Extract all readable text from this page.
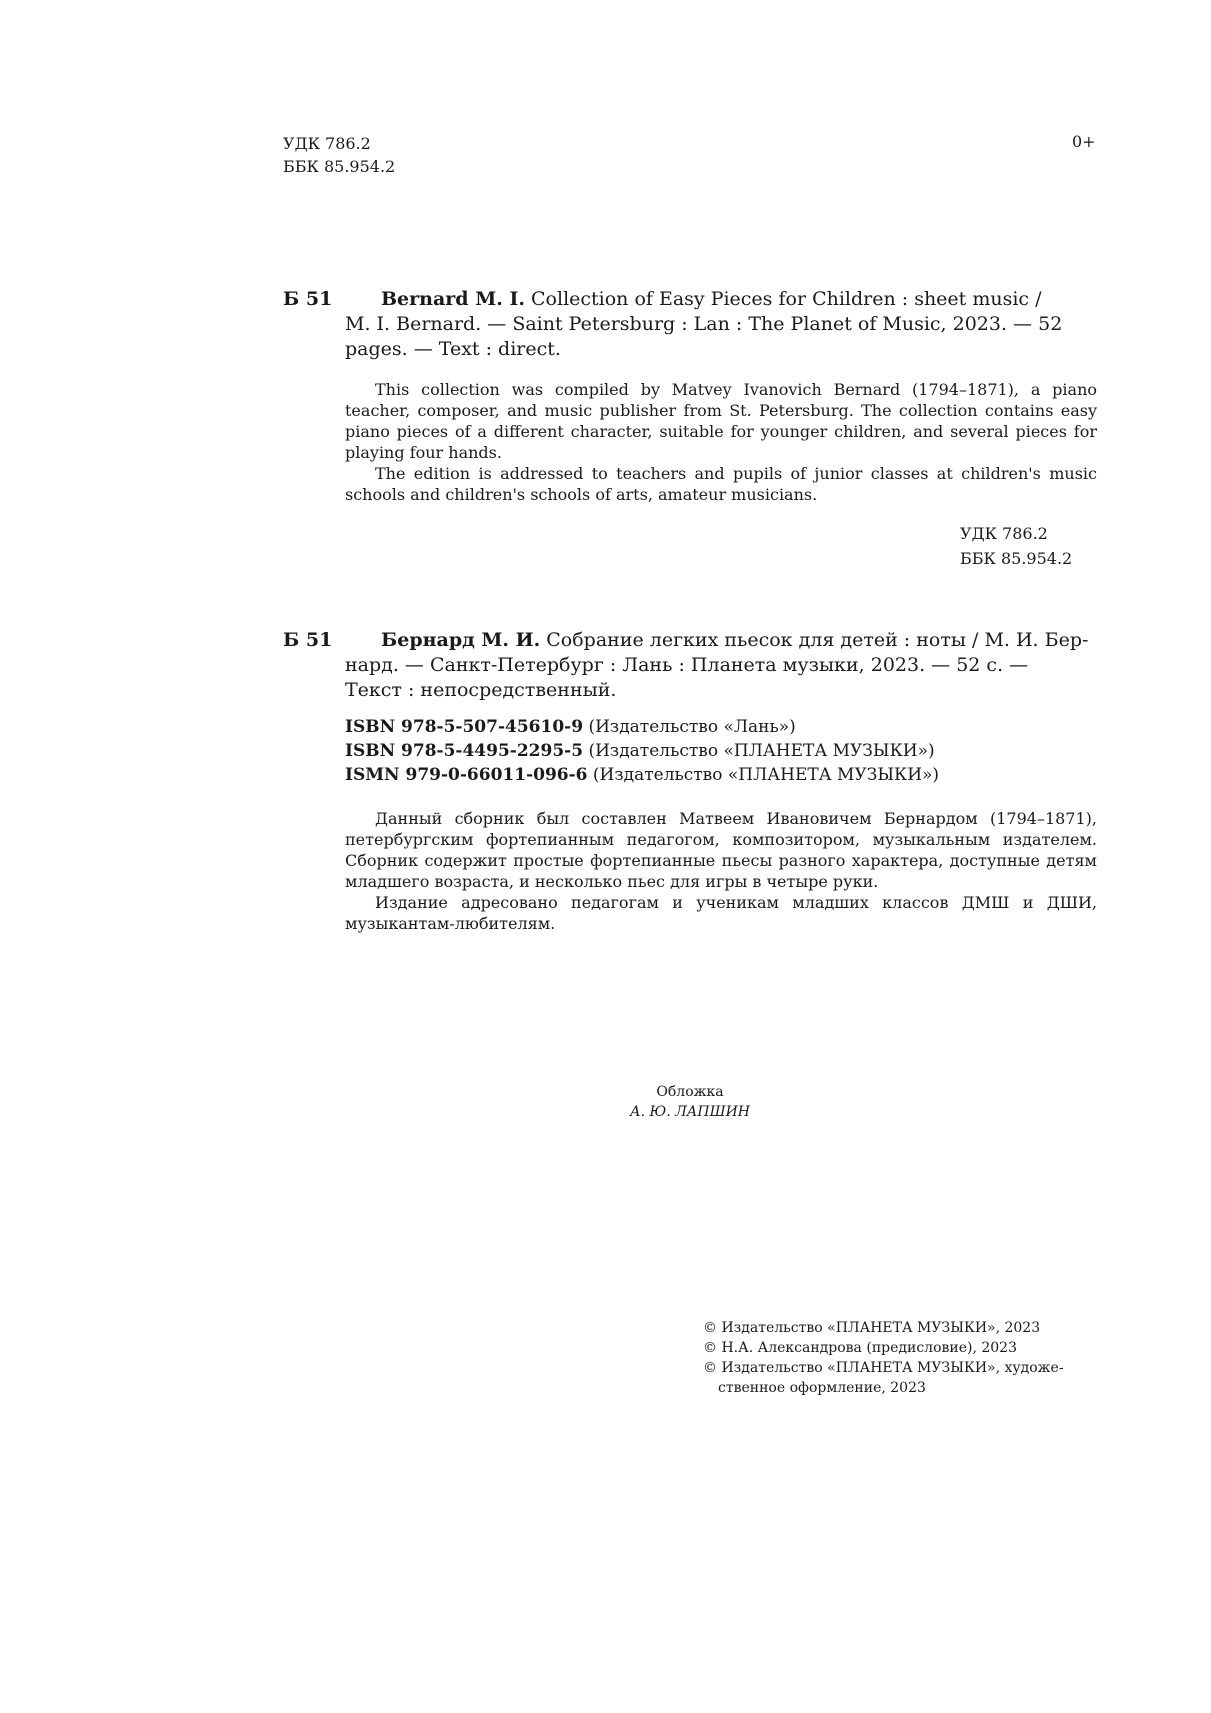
УДК 786.2
ББК 85.954.2
0+
Б 51	Bernard M. I. Collection of Easy Pieces for Children : sheet music /
M. I. Bernard. — Saint Petersburg : Lan : The Planet of Music, 2023. — 52
pages. — Text : direct.

This collection was compiled by Matvey Ivanovich Bernard (1794–1871), a piano teacher, composer, and music publisher from St. Petersburg. The collection contains easy piano pieces of a different character, suitable for younger children, and several pieces for playing four hands.

The edition is addressed to teachers and pupils of junior classes at children's music schools and children's schools of arts, amateur musicians.

УДК 786.2
ББК 85.954.2
Б 51	Бернард М. И. Собрание легких пьесок для детей : ноты / М. И. Бер-
нард. — Санкт-Петербург : Лань : Планета музыки, 2023. — 52 с. —
Текст : непосредственный.
ISBN 978-5-507-45610-9 (Издательство «Лань»)
ISBN 978-5-4495-2295-5 (Издательство «ПЛАНЕТА МУЗЫКИ»)
ISMN 979-0-66011-096-6 (Издательство «ПЛАНЕТА МУЗЫКИ»)

Данный сборник был составлен Матвеем Ивановичем Бернардом (1794–1871), петербургским фортепианным педагогом, композитором, музыкальным издателем. Сборник содержит простые фортепианные пьесы разного характера, доступные детям младшего возраста, и несколько пьес для игры в четыре руки.

Издание адресовано педагогам и ученикам младших классов ДМШ и ДШИ, музыкантам-любителям.

Обложка
А. Ю. ЛАПШИН
© Издательство «ПЛАНЕТА МУЗЫКИ», 2023
© Н.А. Александрова (предисловие), 2023
© Издательство «ПЛАНЕТА МУЗЫКИ», художе-
ственное оформление, 2023
